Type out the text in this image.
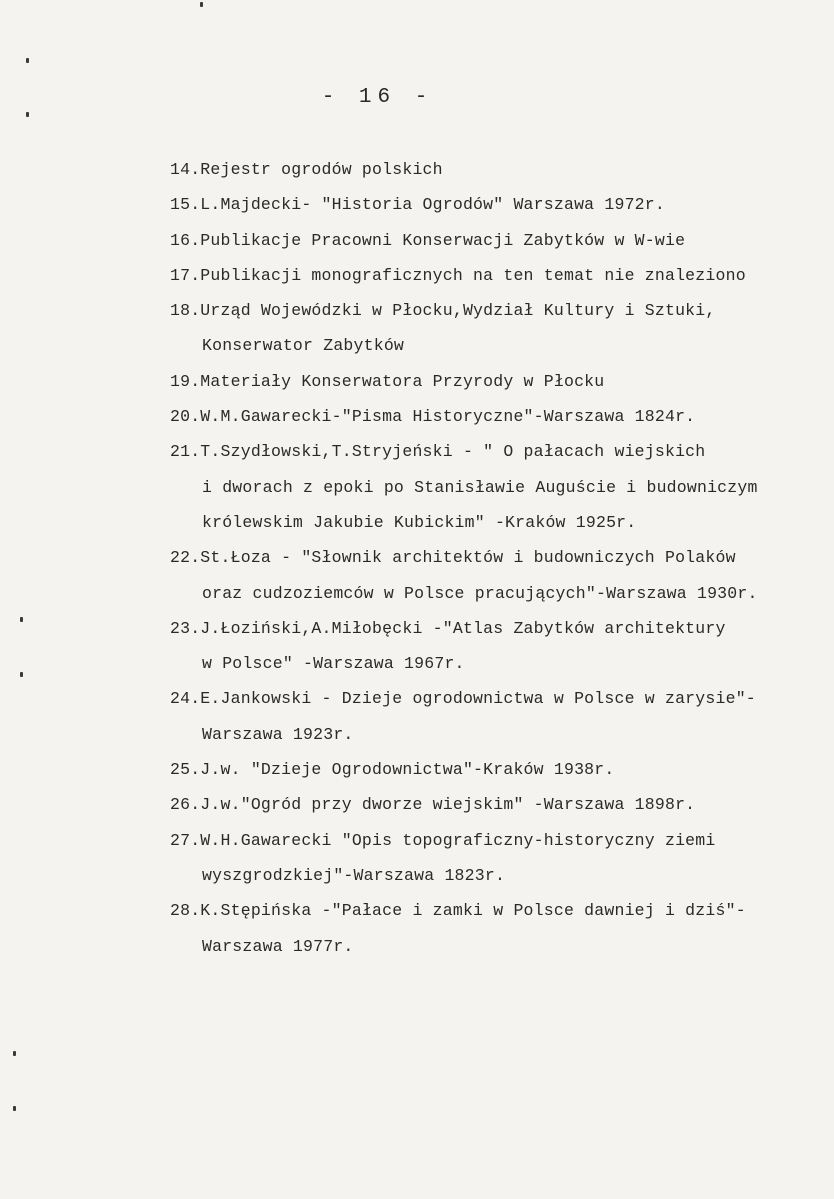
- 16 -
14.Rejestr ogrodów polskich
15.L.Majdecki- "Historia Ogrodów" Warszawa 1972r.
16.Publikacje Pracowni Konserwacji Zabytków w W-wie
17.Publikacji monograficznych na ten temat nie znaleziono
18.Urząd Wojewódzki w Płocku,Wydział Kultury i Sztuki,
Konserwator Zabytków
19.Materiały Konserwatora Przyrody w Płocku
20.W.M.Gawarecki-"Pisma Historyczne"-Warszawa 1824r.
21.T.Szydłowski,T.Stryjeński - " O pałacach wiejskich
i dworach z epoki po Stanisławie Auguście i budowniczym
królewskim Jakubie Kubickim" -Kraków 1925r.
22.St.Łoza - "Słownik architektów i budowniczych Polaków
oraz cudzoziemców w Polsce pracujących"-Warszawa 1930r.
23.J.Łoziński,A.Miłobęcki -"Atlas Zabytków architektury
w Polsce" -Warszawa 1967r.
24.E.Jankowski - Dzieje ogrodownictwa w Polsce w zarysie"-
Warszawa 1923r.
25.J.w. "Dzieje Ogrodownictwa"-Kraków 1938r.
26.J.w."Ogród przy dworze wiejskim" -Warszawa 1898r.
27.W.H.Gawarecki "Opis topograficzny-historyczny ziemi
wyszgrodzkiej"-Warszawa 1823r.
28.K.Stępińska -"Pałace i zamki w Polsce dawniej i dziś"-
Warszawa 1977r.
